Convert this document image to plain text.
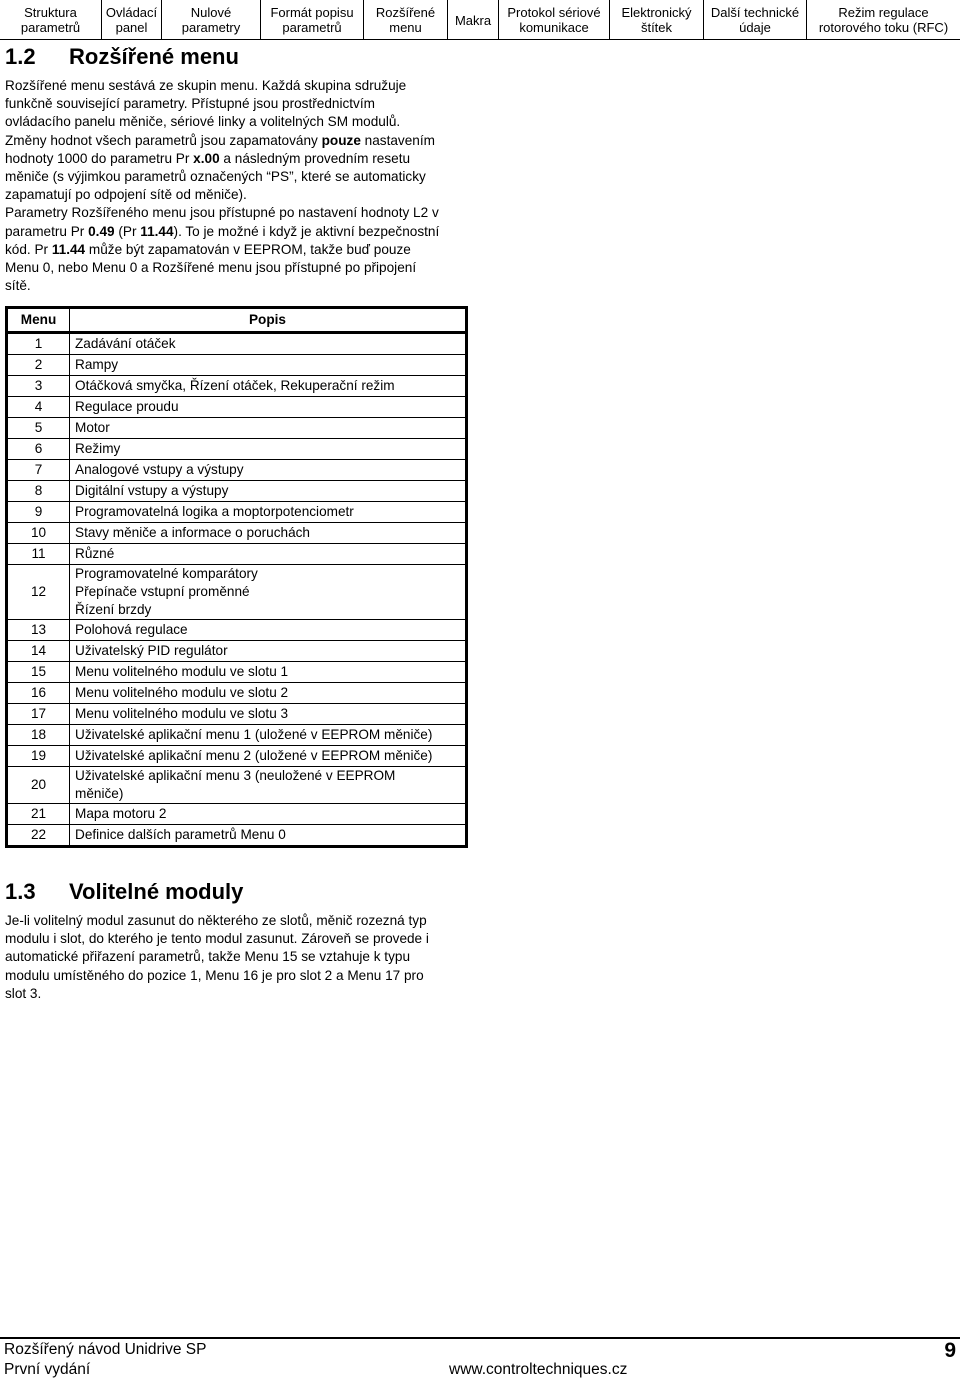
Struktura
parametrů
Ovládací
panel
Nulové
parametry
Formát popisu
parametrů
Rozšířené
menu	Makra	Protokol sériové
komunikace
Elektronický
štítek
Další technické
údaje
Režim regulace
rotorového toku (RFC)
1.2 Rozšířené menu
Rozšířené menu sestává ze skupin menu. Každá skupina sdružuje
funkčně související parametry. Přístupné jsou prostřednictvím
ovládacího panelu měniče, sériové linky a volitelných SM modulů.
Změny hodnot všech parametrů jsou zapamatovány pouze nastavením
hodnoty 1000 do parametru Pr x.00 a následným provedním resetu
měniče (s výjimkou parametrů označených “PS”, které se automaticky
zapamatují po odpojení sítě od měniče).
Parametry Rozšířeného menu jsou přístupné po nastavení hodnoty L2 v
parametru Pr 0.49 (Pr 11.44). To je možné i když je aktivní bezpečnostní
kód. Pr 11.44 může být zapamatován v EEPROM, takže buď pouze
Menu 0, nebo Menu 0 a Rozšířené menu jsou přístupné po připojení
sítě.
Menu	Popis
1	Zadávání otáček

2	Rampy

3	Otáčková smyčka, Řízení otáček, Rekuperační režim

4	Regulace proudu

5	Motor

6	Režimy

7	Analogové vstupy a výstupy

8	Digitální vstupy a výstupy

9	Programovatelná logika a moptorpotenciometr

10	Stavy měniče a informace o poruchách

11	Různé

12	Programovatelné komparátory
Přepínače vstupní proměnné
Řízení brzdy

13	Polohová regulace

14	Uživatelský PID regulátor

15	Menu volitelného modulu ve slotu 1

16	Menu volitelného modulu ve slotu 2

17	Menu volitelného modulu ve slotu 3

18	Uživatelské aplikační menu 1 (uložené v EEPROM měniče)

19	Uživatelské aplikační menu 2 (uložené v EEPROM měniče)

20	Uživatelské aplikační menu 3 (neuložené v EEPROM
měniče)

21	Mapa motoru 2

22	Definice dalších parametrů Menu 0
1.3 Volitelné moduly
Je-li volitelný modul zasunut do některého ze slotů, měnič rozezná typ
modulu i slot, do kterého je tento modul zasunut. Zároveň se provede i
automatické přiřazení parametrů, takže Menu 15 se vztahuje k typu
modulu umístěného do pozice 1, Menu 16 je pro slot 2 a Menu 17 pro
slot 3.
Rozšířený návod Unidrive SP
První vydání	www.controltechniques.cz
9
